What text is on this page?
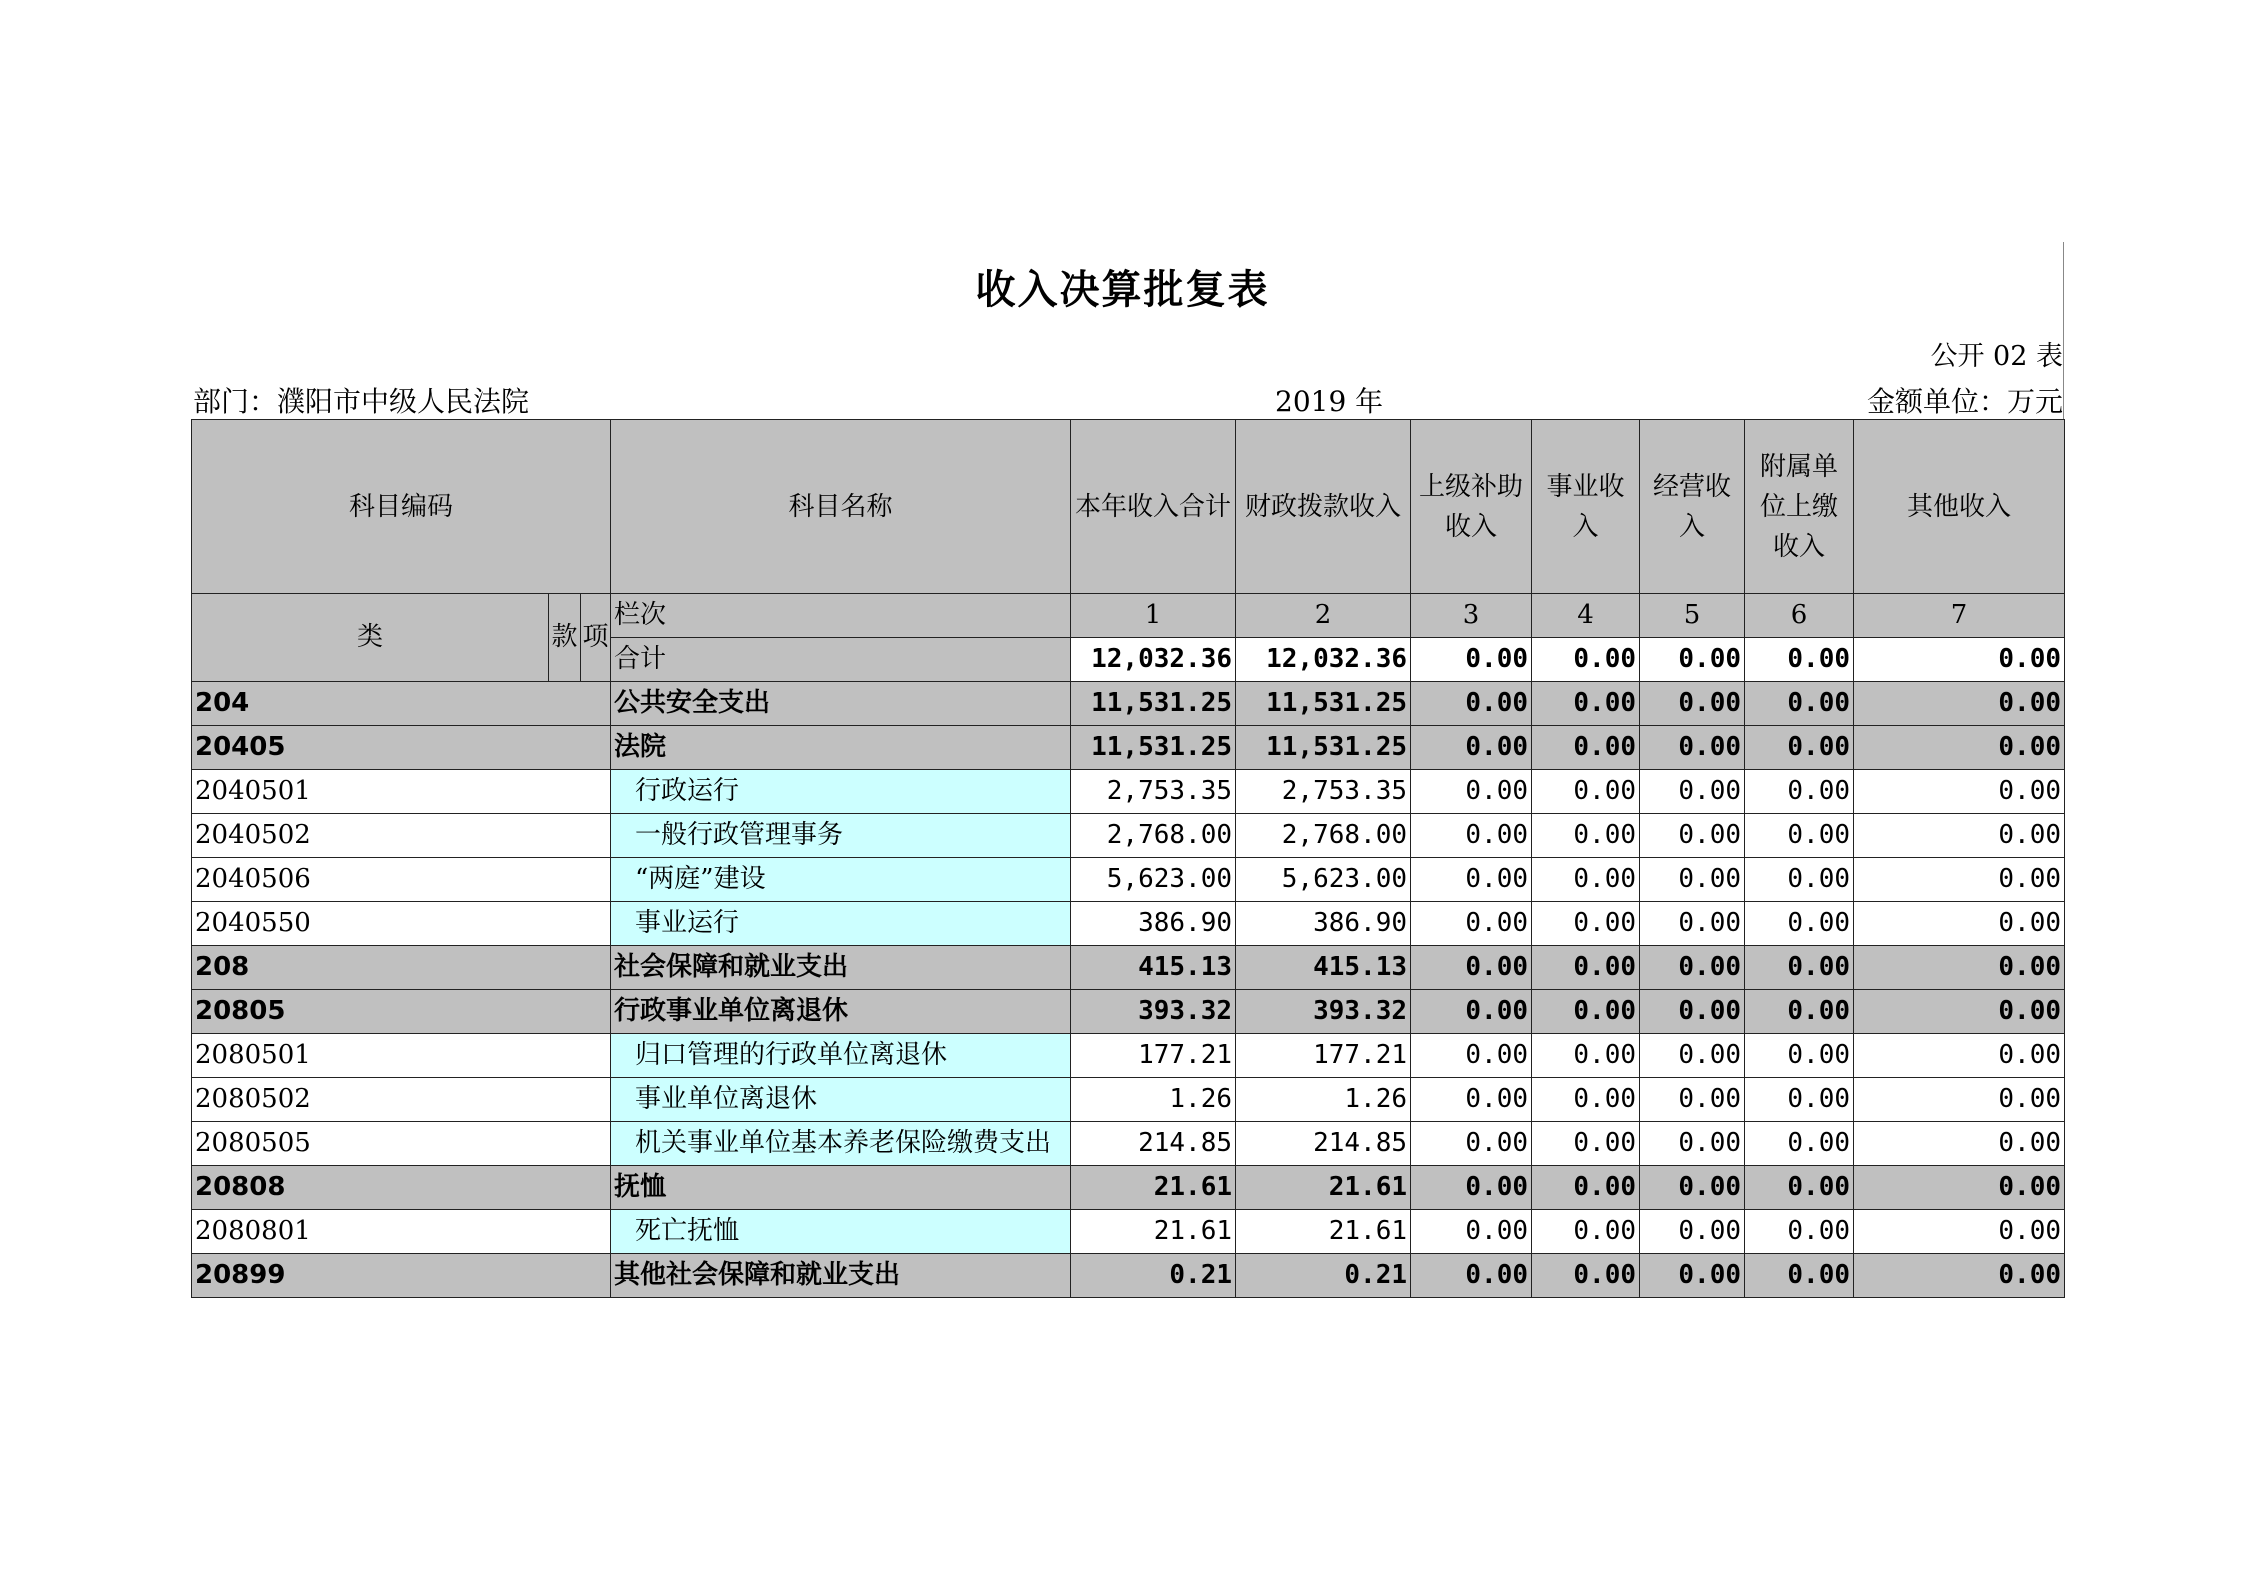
收入决算批复表
公开 02 表
部门：濮阳市中级人民法院	2019 年	金额单位：万元
科目编码			科目名称	本年收入合计	财政拨款收入	上级补助收入	事业收入	经营收入	附属单位上缴收入	其他收入
类	款	项	栏次	1	2	3	4	5	6	7
			合计	12,032.36	12,032.36	0.00	0.00	0.00	0.00	0.00
204			公共安全支出	11,531.25	11,531.25	0.00	0.00	0.00	0.00	0.00
20405			法院	11,531.25	11,531.25	0.00	0.00	0.00	0.00	0.00
2040501			行政运行	2,753.35	2,753.35	0.00	0.00	0.00	0.00	0.00
2040502			一般行政管理事务	2,768.00	2,768.00	0.00	0.00	0.00	0.00	0.00
2040506			“两庭”建设	5,623.00	5,623.00	0.00	0.00	0.00	0.00	0.00
2040550			事业运行	386.90	386.90	0.00	0.00	0.00	0.00	0.00
208			社会保障和就业支出	415.13	415.13	0.00	0.00	0.00	0.00	0.00
20805			行政事业单位离退休	393.32	393.32	0.00	0.00	0.00	0.00	0.00
2080501			归口管理的行政单位离退休	177.21	177.21	0.00	0.00	0.00	0.00	0.00
2080502			事业单位离退休	1.26	1.26	0.00	0.00	0.00	0.00	0.00
2080505			机关事业单位基本养老保险缴费支出	214.85	214.85	0.00	0.00	0.00	0.00	0.00
20808			抚恤	21.61	21.61	0.00	0.00	0.00	0.00	0.00
2080801			死亡抚恤	21.61	21.61	0.00	0.00	0.00	0.00	0.00
20899			其他社会保障和就业支出	0.21	0.21	0.00	0.00	0.00	0.00	0.00
